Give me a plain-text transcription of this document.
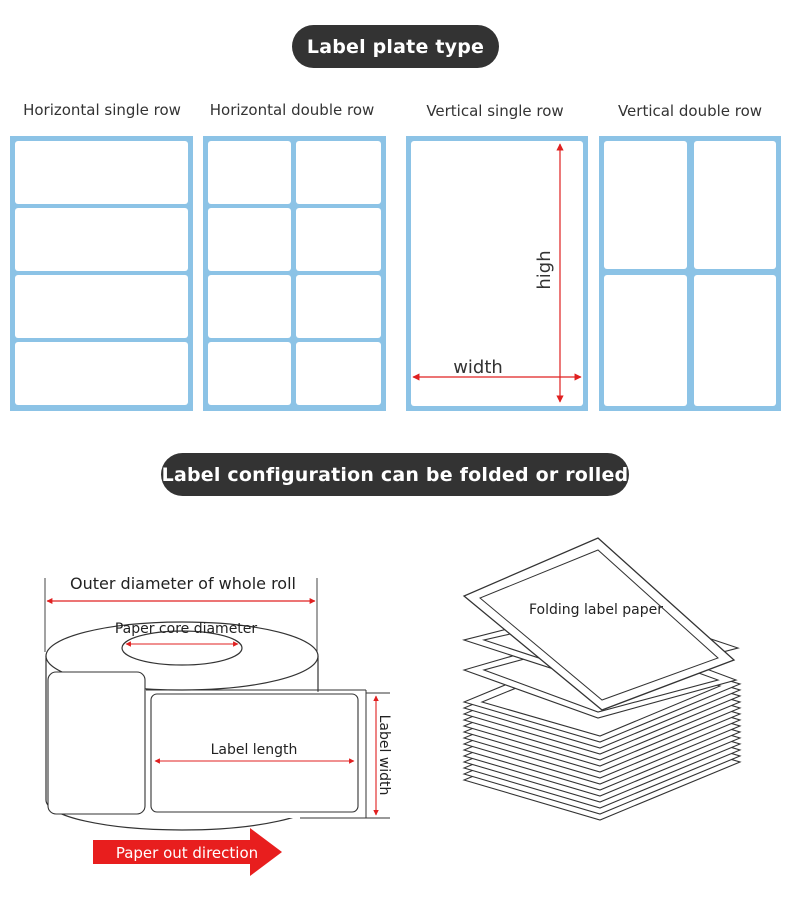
Label plate type
Horizontal single row	Horizontal double row	Vertical single row	Vertical double row
high
width
Label configuration can be folded or rolled
Outer diameter of whole roll
Paper core diameter
Label length	Label width
Paper out direction
Folding label paper
